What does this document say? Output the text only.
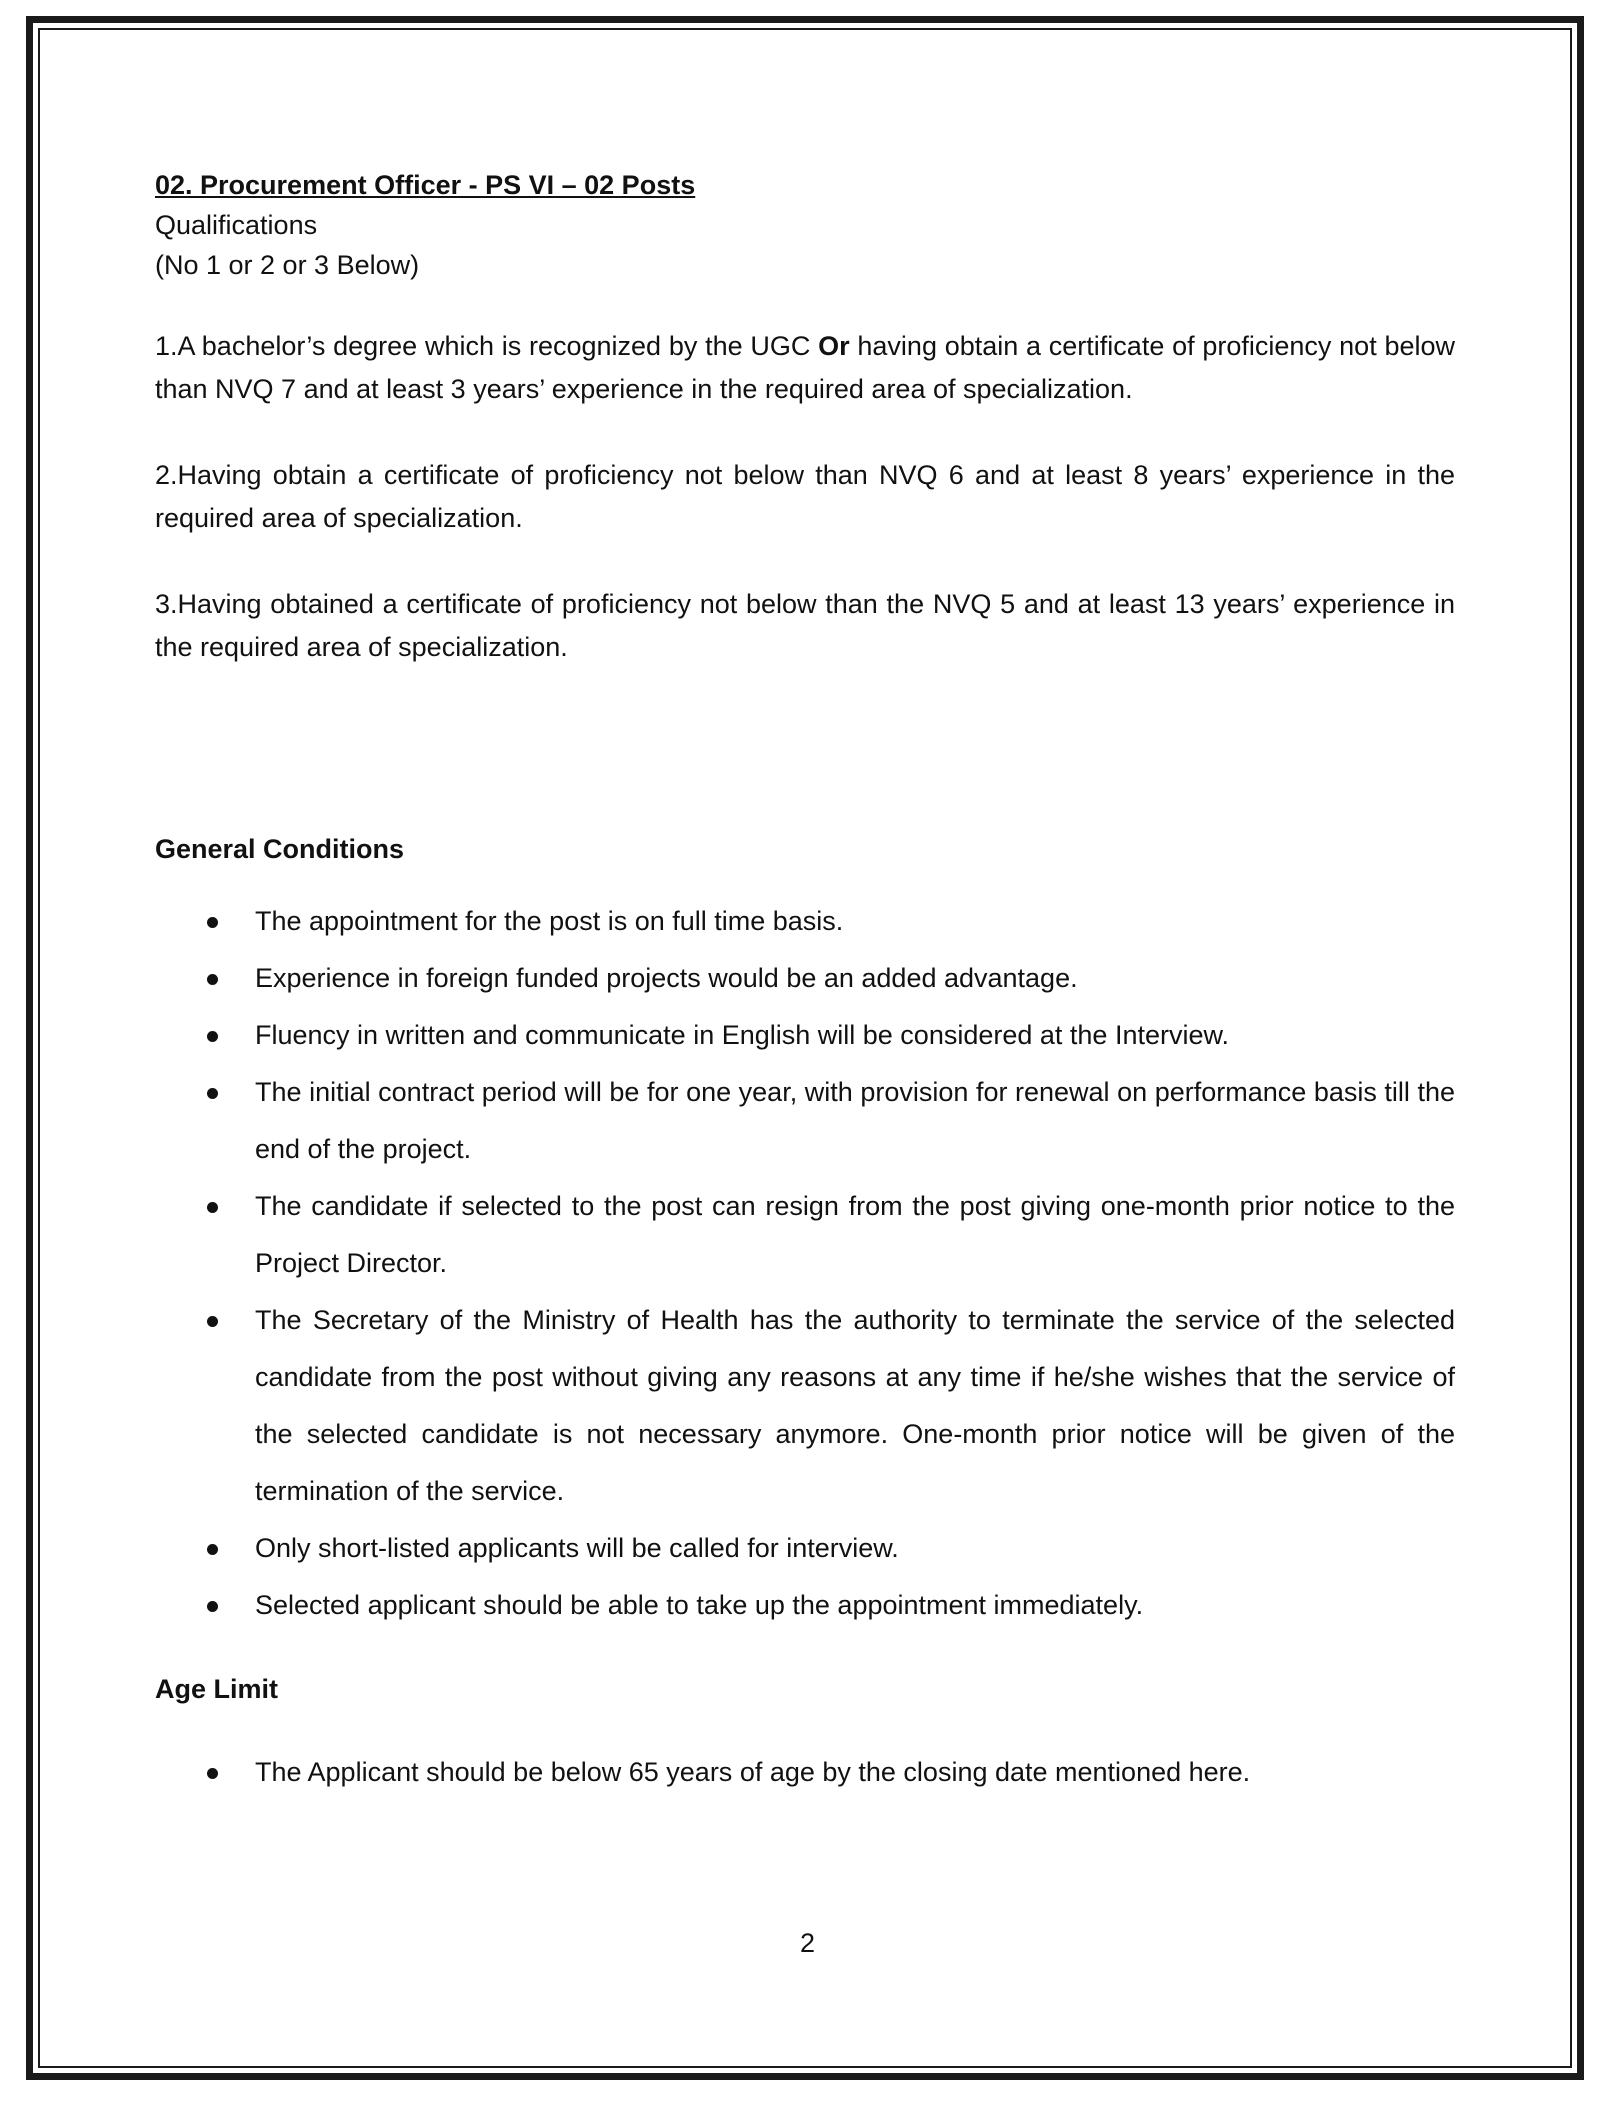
02. Procurement Officer - PS VI – 02 Posts

Qualifications

(No 1 or 2 or 3 Below)

1.A bachelor’s degree which is recognized by the UGC Or having obtain a certificate of proficiency not below than NVQ 7 and at least 3 years’ experience in the required area of specialization.

2.Having obtain a certificate of proficiency not below than NVQ 6 and at least 8 years’ experience in the required area of specialization.

3.Having obtained a certificate of proficiency not below than the NVQ 5 and at least 13 years’ experience in the required area of specialization.

General Conditions

The appointment for the post is on full time basis.
Experience in foreign funded projects would be an added advantage.
Fluency in written and communicate in English will be considered at the Interview.
The initial contract period will be for one year, with provision for renewal on performance basis till the end of the project.
The candidate if selected to the post can resign from the post giving one-month prior notice to the Project Director.
The Secretary of the Ministry of Health has the authority to terminate the service of the selected candidate from the post without giving any reasons at any time if he/she wishes that the service of the selected candidate is not necessary anymore. One-month prior notice will be given of the termination of the service.
Only short-listed applicants will be called for interview.
Selected applicant should be able to take up the appointment immediately.

Age Limit

The Applicant should be below 65 years of age by the closing date mentioned here.
2
